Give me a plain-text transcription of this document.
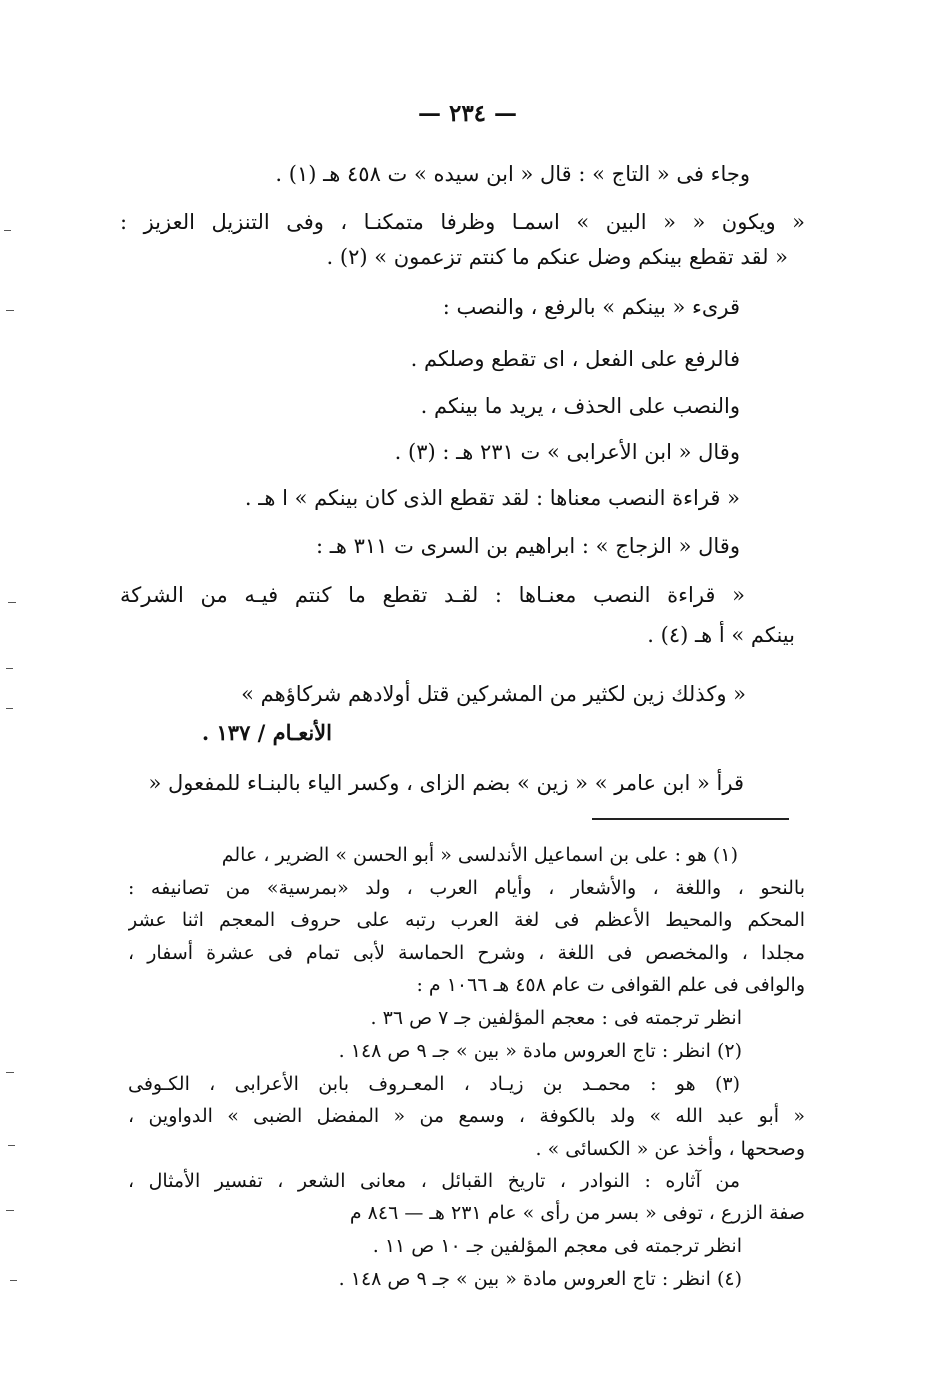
— ٢٣٤ —
وجاء فى « التاج » : قال « ابن سيده » ت ٤٥٨ هـ (١) .
« ويكون « « البين » اسمـا وظرفا متمكنـا ، وفى التنزيل العزيز :
« لقد تقطع بينكم وضل عنكم ما كنتم تزعمون » (٢) .
قرىء « بينكم » بالرفع ، والنصب :
فالرفع على الفعل ، اى تقطع وصلكم .
والنصب على الحذف ، يريد ما بينكم .
وقال « ابن الأعرابى » ت ٢٣١ هـ : (٣) .
« قراءة النصب معناها : لقد تقطع الذى كان بينكم » ا هـ .
وقال « الزجاج » : ابراهيم بن السرى ت ٣١١ هـ :
« قراءة النصب معنـاها : لقـد تقطع ما كنتم فيـه من الشركة
بينكم » أ هـ (٤) .
« وكذلك زين لكثير من المشركين قتل أولادهم شركاؤهم »
الأنعـام / ١٣٧ .
قرأ « ابن عامر » « زين » بضم الزاى ، وكسر الياء بالبنـاء للمفعول «
(١) هو : على بن اسماعيل الأندلسى « أبو الحسن » الضرير ، عالم
بالنحو ، واللغة ، والأشعار ، وأيام العرب ، ولد «بمرسية» من تصانيفه :
المحكم والمحيط الأعظم فى لغة العرب رتبه على حروف المعجم اثنا عشر
مجلدا ، والمخصص فى اللغة ، وشرح الحماسة لأبى تمام فى عشرة أسفار ،
والوافى فى علم القوافى ت عام ٤٥٨ هـ ١٠٦٦ م :
انظر ترجمته فى : معجم المؤلفين جـ ٧ ص ٣٦ .
(٢) انظر : تاج العروس مادة « بين » جـ ٩ ص ١٤٨ .
(٣) هو : محمـد بن زيـاد ، المعـروف بابن الأعرابى ، الكـوفى
« أبو عبد الله » ولد بالكوفة ، وسمع من « المفضل الضبى » الدواوين ،
وصححها ، وأخذ عن « الكسائى » .
من آثاره : النوادر ، تاريخ القبائل ، معانى الشعر ، تفسير الأمثال ،
صفة الزرع ، توفى « بسر من رأى » عام ٢٣١ هـ — ٨٤٦ م
انظر ترجمته فى معجم المؤلفين جـ ١٠ ص ١١ .
(٤) انظر : تاج العروس مادة « بين » جـ ٩ ص ١٤٨ .
